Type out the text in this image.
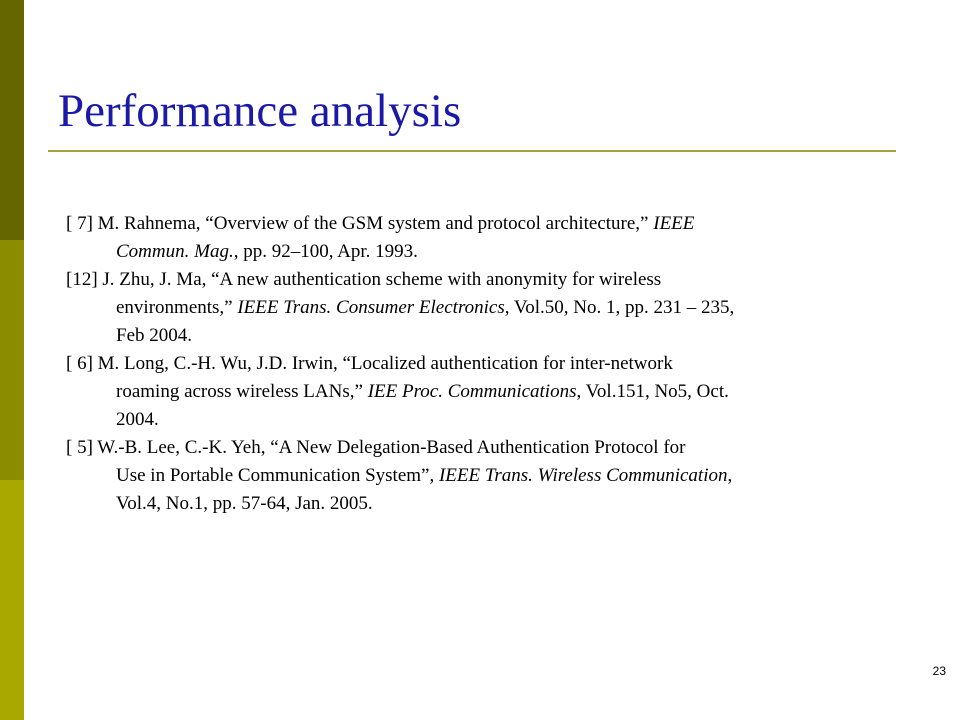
Performance analysis
[ 7] M. Rahnema, “Overview of the GSM system and protocol architecture,” IEEE
Commun. Mag., pp. 92–100, Apr. 1993.
[12] J. Zhu, J. Ma, “A new authentication scheme with anonymity for wireless
environments,” IEEE Trans. Consumer Electronics, Vol.50, No. 1, pp. 231 – 235,
Feb 2004.
[ 6] M. Long, C.-H. Wu, J.D. Irwin, “Localized authentication for inter-network
roaming across wireless LANs,” IEE Proc. Communications, Vol.151, No5, Oct.
2004.
[ 5] W.-B. Lee, C.-K. Yeh, “A New Delegation-Based Authentication Protocol for
Use in Portable Communication System”, IEEE Trans. Wireless Communication,
Vol.4, No.1, pp. 57-64, Jan. 2005.
23
